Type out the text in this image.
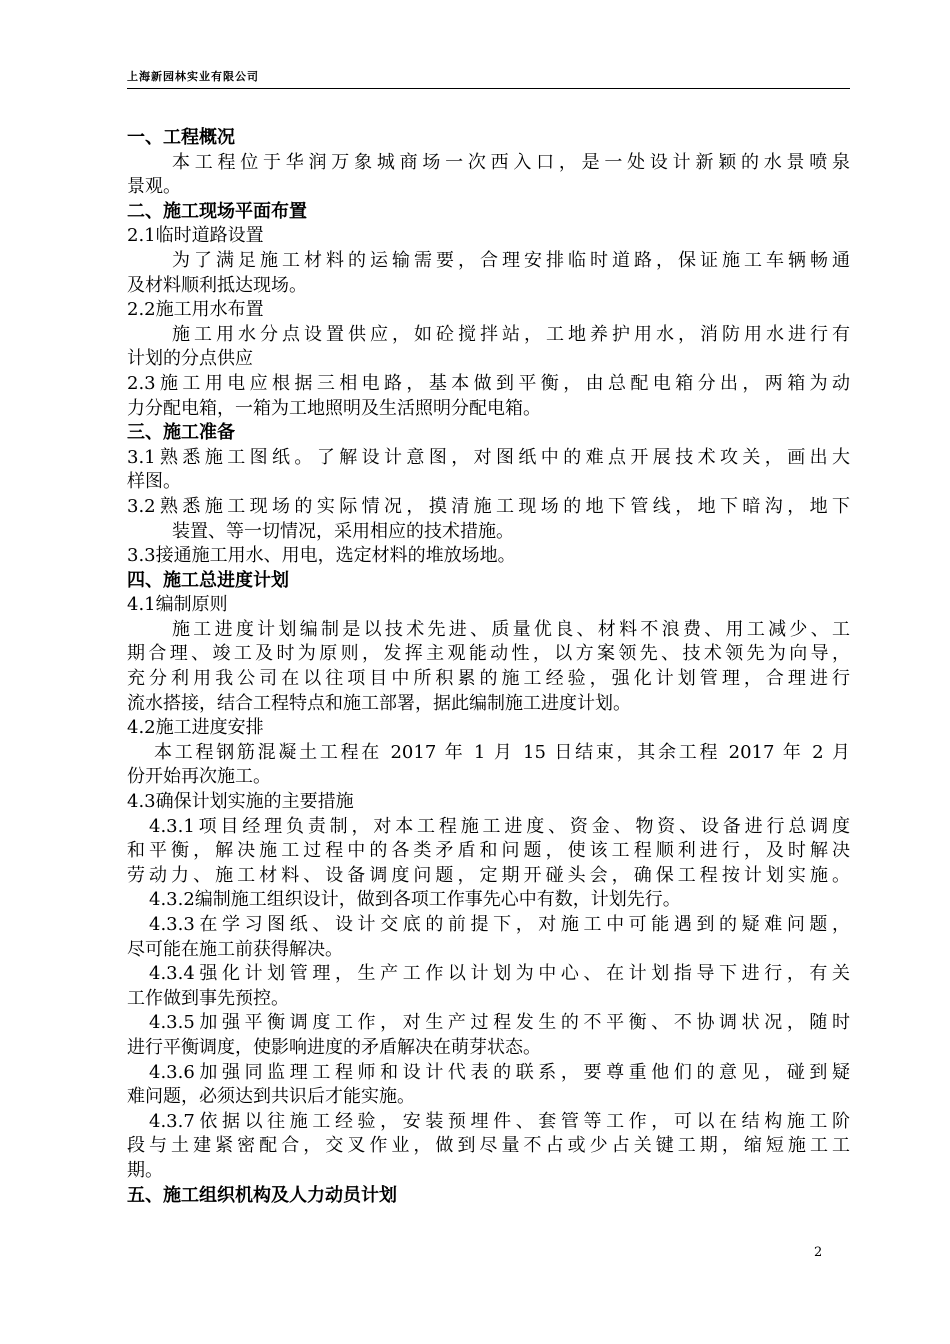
上海新园林实业有限公司
一、工程概况
本工程位于华润万象城商场一次西入口，是一处设计新颖的水景喷泉
景观。
二、施工现场平面布置
2.1临时道路设置
为了满足施工材料的运输需要，合理安排临时道路，保证施工车辆畅通
及材料顺利抵达现场。
2.2施工用水布置
施工用水分点设置供应，如砼搅拌站，工地养护用水，消防用水进行有
计划的分点供应
2.3施工用电应根据三相电路，基本做到平衡，由总配电箱分出，两箱为动
力分配电箱，一箱为工地照明及生活照明分配电箱。
三、施工准备
3.1熟悉施工图纸。了解设计意图，对图纸中的难点开展技术攻关，画出大
样图。
3.2熟悉施工现场的实际情况，摸清施工现场的地下管线，地下暗沟，地下
装置、等一切情况，采用相应的技术措施。
3.3接通施工用水、用电，选定材料的堆放场地。
四、施工总进度计划
4.1编制原则
施工进度计划编制是以技术先进、质量优良、材料不浪费、用工减少、工
期合理、竣工及时为原则，发挥主观能动性，以方案领先、技术领先为向导，
充分利用我公司在以往项目中所积累的施工经验，强化计划管理，合理进行
流水搭接，结合工程特点和施工部署，据此编制施工进度计划。
4.2施工进度安排
本工程钢筋混凝土工程在 2017 年 1 月 15 日结束，其余工程 2017 年 2 月
份开始再次施工。
4.3确保计划实施的主要措施
4.3.1项目经理负责制，对本工程施工进度、资金、物资、设备进行总调度
和平衡，解决施工过程中的各类矛盾和问题，使该工程顺利进行，及时解决
劳动力、施工材料、设备调度问题，定期开碰头会，确保工程按计划实施。
4.3.2编制施工组织设计，做到各项工作事先心中有数，计划先行。
4.3.3在学习图纸、设计交底的前提下，对施工中可能遇到的疑难问题，
尽可能在施工前获得解决。
4.3.4强化计划管理，生产工作以计划为中心、在计划指导下进行，有关
工作做到事先预控。
4.3.5加强平衡调度工作，对生产过程发生的不平衡、不协调状况，随时
进行平衡调度，使影响进度的矛盾解决在萌芽状态。
4.3.6加强同监理工程师和设计代表的联系，要尊重他们的意见，碰到疑
难问题，必须达到共识后才能实施。
4.3.7依据以往施工经验，安装预埋件、套管等工作，可以在结构施工阶
段与土建紧密配合，交叉作业，做到尽量不占或少占关键工期，缩短施工工
期。
五、施工组织机构及人力动员计划
2
